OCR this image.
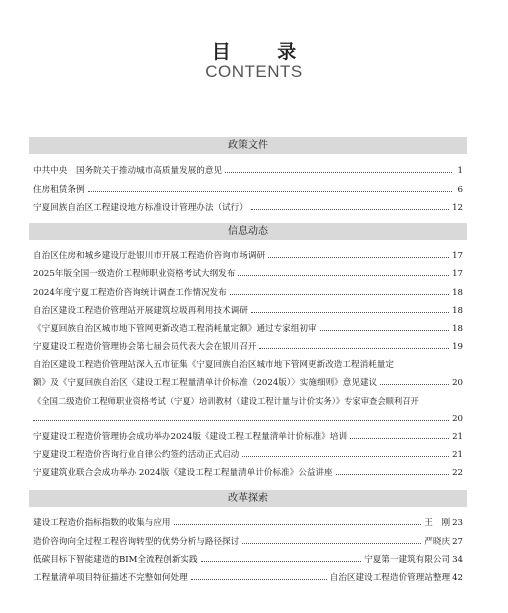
目 录
CONTENTS
政策文件
中共中央　国务院关于推动城市高质量发展的意见	1
住房租赁条例	6
宁夏回族自治区工程建设地方标准设计管理办法（试行）	12
信息动态
自治区住房和城乡建设厅赴银川市开展工程造价咨询市场调研	17
2025年版全国一级造价工程师职业资格考试大纲发布	17
2024年度宁夏工程造价咨询统计调查工作情况发布	18
自治区建设工程造价管理站开展建筑垃圾再利用技术调研	18
《宁夏回族自治区城市地下管网更新改造工程消耗量定额》通过专家组初审	18
宁夏建设工程造价管理协会第七届会员代表大会在银川召开	19
自治区建设工程造价管理站深入五市征集《宁夏回族自治区城市地下管网更新改造工程消耗量定
额》及《宁夏回族自治区〈建设工程工程量清单计价标准（2024版）〉实施细则》意见建议	20
《全国二级造价工程师职业资格考试（宁夏）培训教材（建设工程计量与计价实务）》专家审查会顺利召开
20
宁夏建设工程造价管理协会成功举办2024版《建设工程工程量清单计价标准》培训	21
宁夏建设工程造价咨询行业自律公约签约活动正式启动	21
宁夏建筑业联合会成功举办 2024版《建设工程工程量清单计价标准》公益讲座	22
改革探索
建设工程造价指标指数的收集与应用	王　刚 23
造价咨询向全过程工程咨询转型的优势分析与路径探讨	严晓庆 27
低碳目标下智能建造的BIM全流程创新实践	宁夏第一建筑有限公司 34
工程量清单项目特征描述不完整如何处理	自治区建设工程造价管理站整理 42
